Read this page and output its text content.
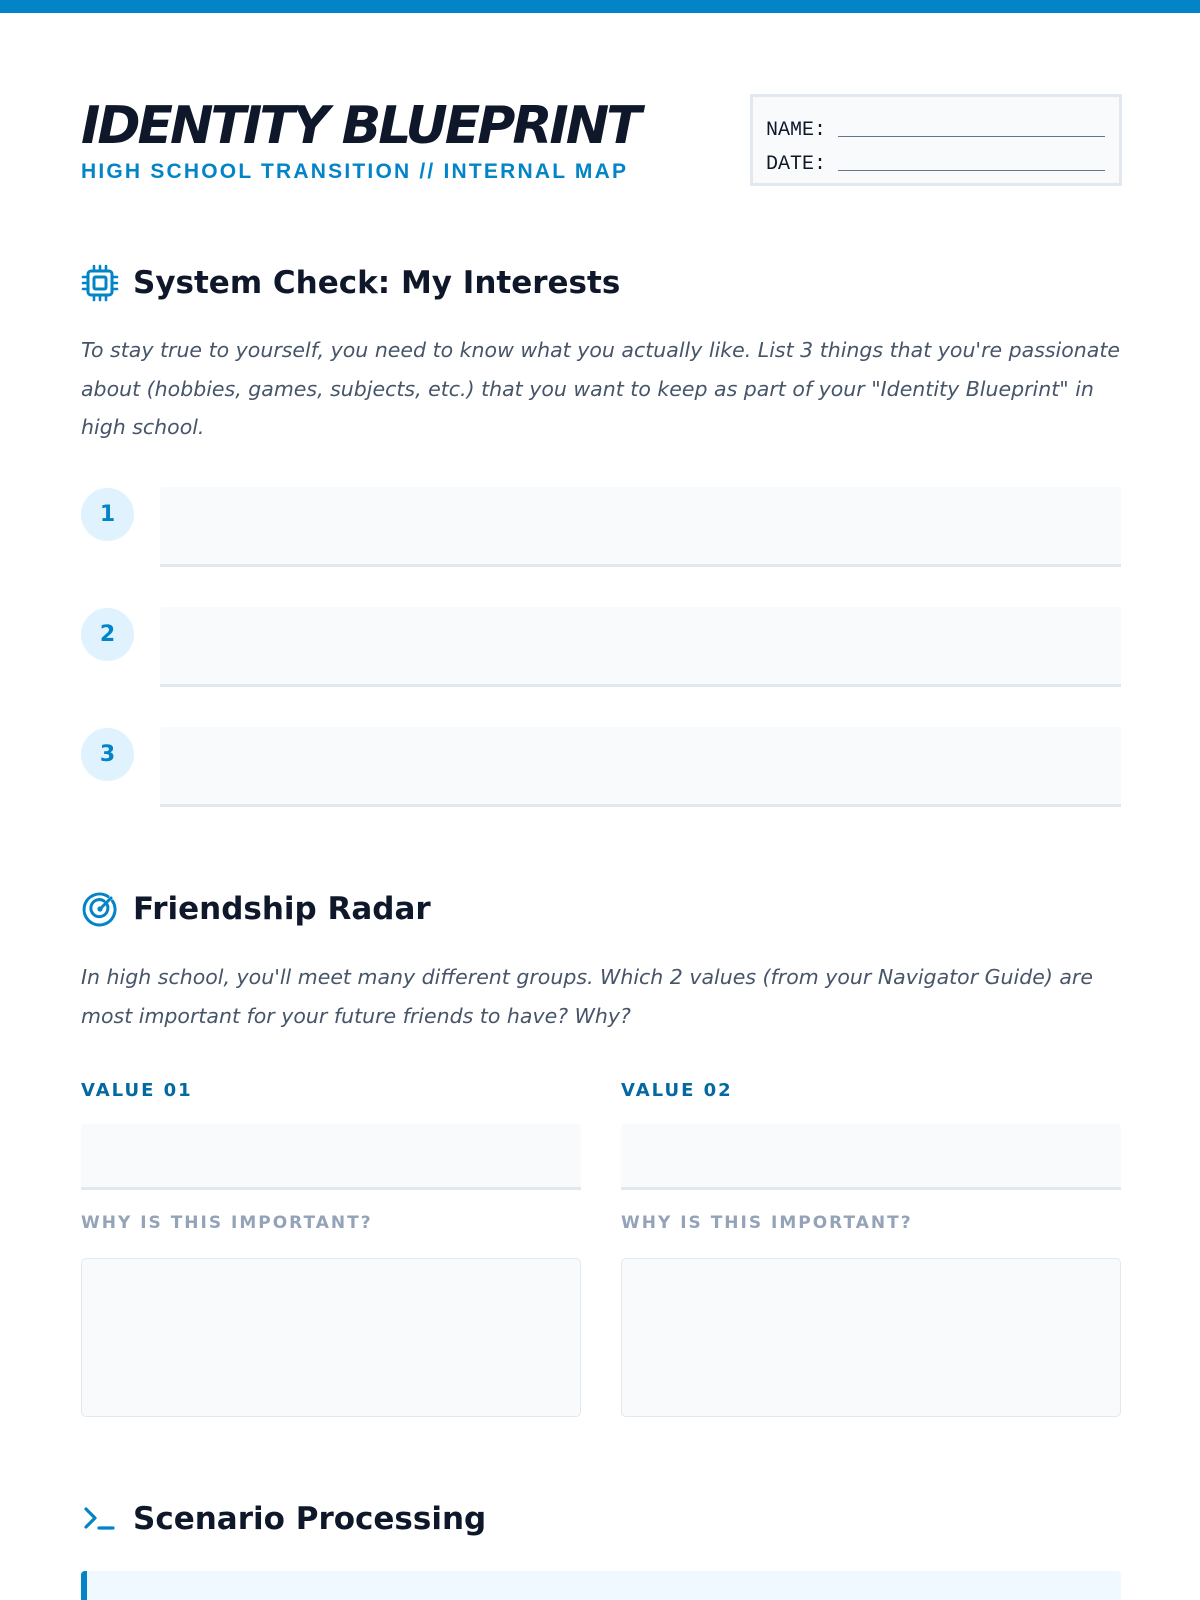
IDENTITY BLUEPRINT
HIGH SCHOOL TRANSITION // INTERNAL MAP
NAME:
DATE:
System Check: My Interests

To stay true to yourself, you need to know what you actually like. List 3 things that you're passionate about (hobbies, games, subjects, etc.) that you want to keep as part of your "Identity Blueprint" in high school.

1
2
3
Friendship Radar

In high school, you'll meet many different groups. Which 2 values (from your Navigator Guide) are most important for your future friends to have? Why?

VALUE 01
WHY IS THIS IMPORTANT?
VALUE 02
WHY IS THIS IMPORTANT?
Scenario Processing
